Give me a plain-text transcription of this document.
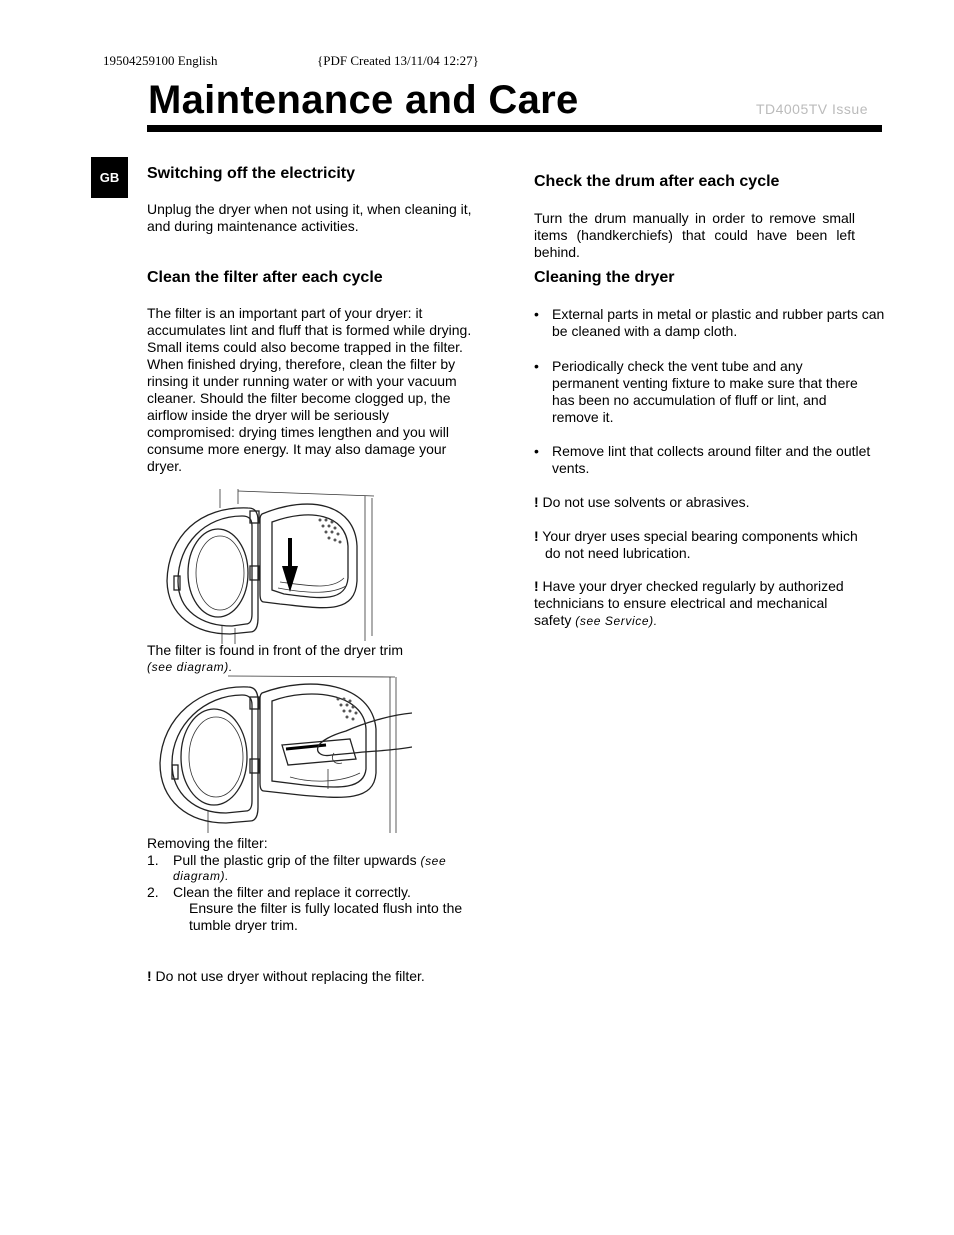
19504259100 English	{PDF Created 13/11/04 12:27}
Maintenance and Care	TD4005TV Issue
GB	Switching off the electricity
Unplug the dryer when not using it, when cleaning it,
and during maintenance activities.
Clean the filter after each cycle
The filter is an important part of your dryer: it
accumulates lint and fluff that is formed while drying.
Small items could also become trapped in the filter.
When finished drying, therefore, clean the filter by
rinsing it under running water or with your vacuum
cleaner. Should the filter become clogged up, the
airflow inside the dryer will be seriously
compromised: drying times lengthen and you will
consume more energy. It may also damage your
dryer.
The filter is found in front of the dryer trim
(see diagram).
Removing the filter:
1. Pull the plastic grip of the filter upwards (see
diagram).
2. Clean the filter and replace it correctly.
Ensure the filter is fully located flush into the
tumble dryer trim.
! Do not use dryer without replacing the filter.
Check the drum after each cycle
Turn the drum manually in order to remove small
items (handkerchiefs) that could have been left
behind.
Cleaning the dryer
• External parts in metal or plastic and rubber parts can
be cleaned with a damp cloth.
• Periodically check the vent tube and any
permanent venting fixture to make sure that there
has been no accumulation of fluff or lint, and
remove it.
• Remove lint that collects around filter and the outlet
vents.
! Do not use solvents or abrasives.
! Your dryer uses special bearing components which
do not need lubrication.
! Have your dryer checked regularly by authorized
technicians to ensure electrical and mechanical
safety (see Service).
